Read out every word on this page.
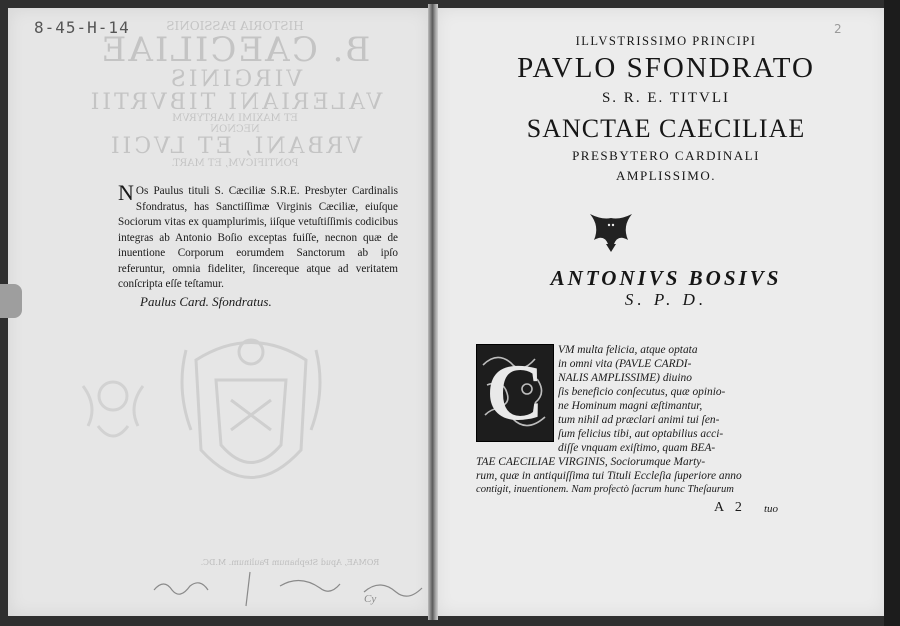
8-45-H-14	HISTORIA PASSIONIS
B. CAECILIAE
VIRGINIS
VALERIANI TIBVRTII
ET MAXIMI MARTYRVM
NECNON
VRBANI, ET LVCII
PONTIFICVM, ET MART.
N Os Paulus tituli S. Cæciliæ S.R.E. Presbyter Cardinalis Sfondratus, has Sanctiſſimæ Virginis Cæciliæ, eiuſque Sociorum vitas ex quamplurimis, iiſque vetuſtiſſimis codicibus integras ab Antonio Boſio exceptas fuiſſe, necnon quæ de inuentione Corporum eorumdem Sanctorum ab ipſo referuntur, omnia fideliter, ſincereque atque ad veritatem conſcripta eſſe teſtamur.
Paulus Card. Sfondratus.
ROMAE, Apud Stephanum Paulinum. M.DC.
Cy
2
ILLVSTRISSIMO PRINCIPI
PAVLO SFONDRATO
S. R. E. TITVLI
SANCTAE CAECILIAE
PRESBYTERO CARDINALI
AMPLISSIMO.
ANTONIVS BOSIVS
S. P. D.
C	VM multa felicia, atque optata
in omni vita (PAVLE CARDI-
NALIS AMPLISSIME) diuino
ſis beneficio conſecutus, quæ opinio-
ne Hominum magni æſtimantur,
tum nihil ad præclari animi tui ſen-
ſum felicius tibi, aut optabilius acci-
diſſe vnquam exiſtimo, quam BEA-
TAE CAECILIAE VIRGINIS, Sociorumque Marty-
rum, quæ in antiquiſſima tui Tituli Eccleſia ſuperiore anno
contigit, inuentionem. Nam profectò ſacrum hunc Theſaurum
A 2 tuo
